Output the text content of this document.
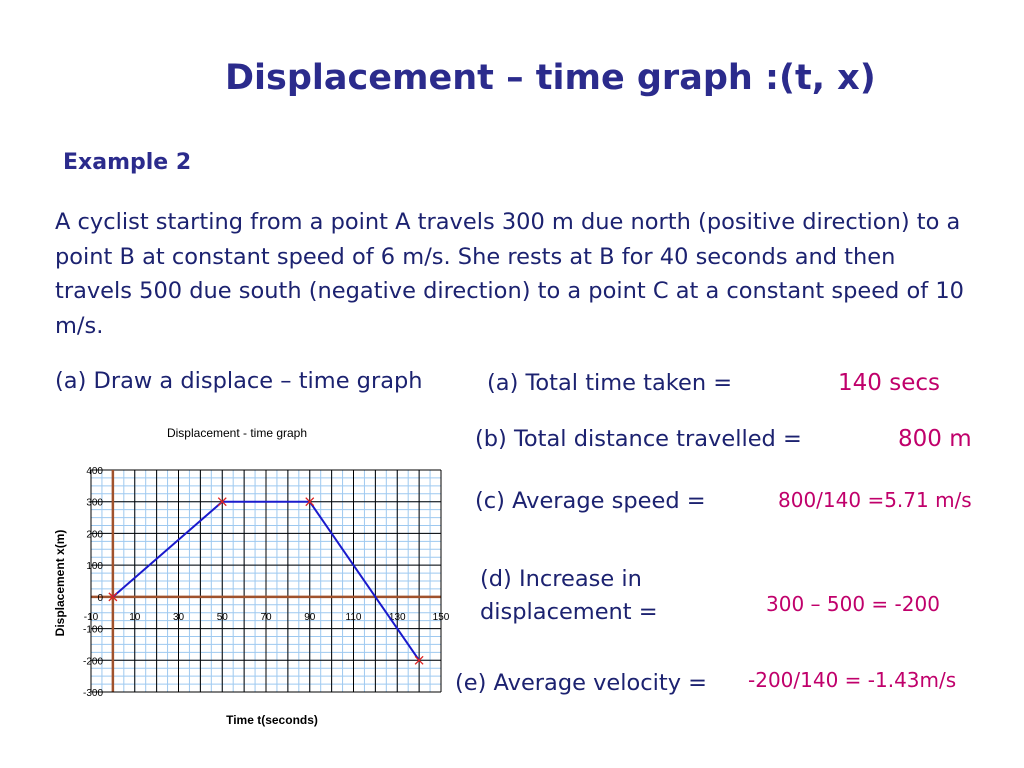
Displacement – time graph :(t, x)
Example 2
A cyclist starting from a point A travels 300 m due north (positive direction) to a point B at constant speed of 6 m/s. She rests at B for 40 seconds and then travels 500 due south (negative direction) to a point C at a constant speed of 10 m/s.
(a) Draw a displace – time graph	(a) Total time taken =	140 secs
(b) Total distance travelled =	800 m
(c) Average speed =	800/140 =5.71 m/s
(d) Increase in
displacement =	300 – 500 = -200
(e) Average velocity = -200/140 = -1.43m/s
400
300
200
100
0
-100
-200
-300
-10	10	30	50	70	90	110	130	150
Displacement - time graph
Time t(seconds)
Displacement x(m)
